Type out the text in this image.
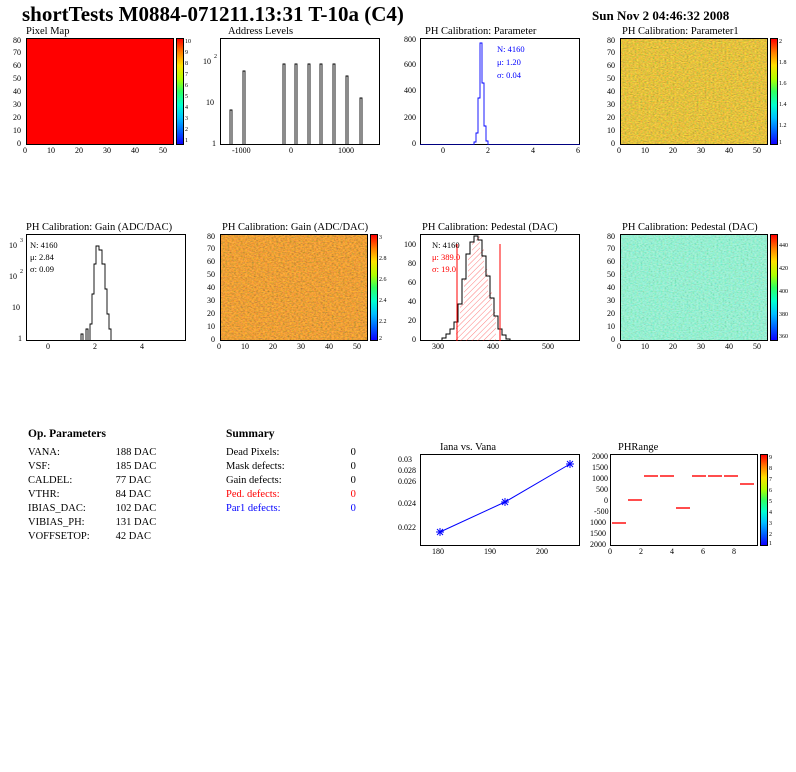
shortTests M0884-071211.13:31 T-10a (C4)	Sun Nov 2 04:46:32 2008
Pixel Map
0	10	20	30	40	50
0
10
20
30
40
50
60
70
80	10
9
8
7
6
5
4
3
2
1
Address Levels
-1000	0	1000
1
10
10 2
PH Calibration: Parameter
N: 4160
μ: 1.20
σ: 0.04
0	2	4	6
0
200
400
600
800
PH Calibration: Parameter1
0	10	20	30	40	50
0
10
20
30
40
50
60
70
80	2
1.8
1.6
1.4
1.2
1
PH Calibration: Gain (ADC/DAC)
N: 4160
μ: 2.84
σ: 0.09
0	2	4
1
10
10 2
10 3
PH Calibration: Gain (ADC/DAC)
0	10	20	30	40	50
0
10
20
30
40
50
60
70
80	3
2.8
2.6
2.4
2.2
2
PH Calibration: Pedestal (DAC)
N: 4160
μ: 389.0
σ: 19.0
300	400	500
0
20
40
60
80
100
PH Calibration: Pedestal (DAC)
0	10	20	30	40	50
0
10
20
30
40
50
60
70
80
440
420
400
380
360
Op. Parameters
VANA:	188 DAC
VSF:	185 DAC
CALDEL:	77 DAC
VTHR:	84 DAC
IBIAS_DAC:	102 DAC
VIBIAS_PH:	131 DAC
VOFFSETOP:	42 DAC
Summary
Dead Pixels:	0
Mask defects:	0
Gain defects:	0
Ped. defects:	0
Par1 defects:	0
Iana vs. Vana
180	190	200
0.022
0.024
0.026
0.03
0.028
PHRange
0	2	4	6	8
2000
1500
1000
500
0
-500
1000
1500
2000
9
8
7
6
5
4
3
2
1
